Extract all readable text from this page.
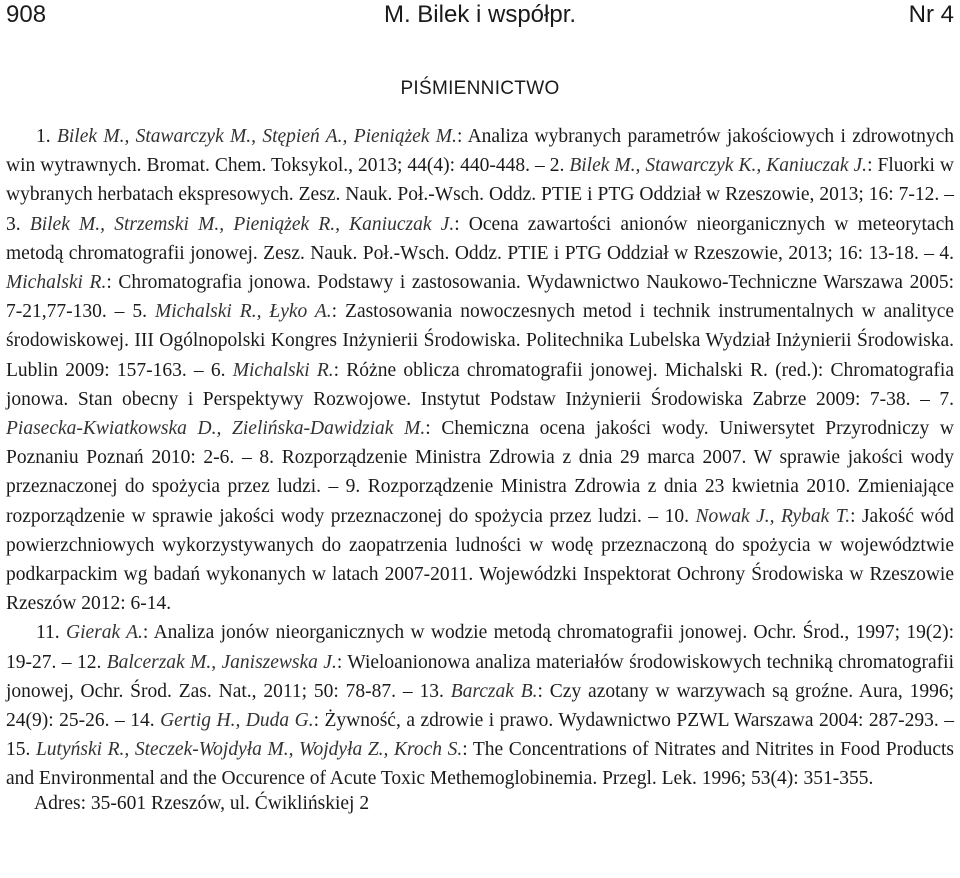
908	M. Bilek i współpr.	Nr 4
PIŚMIENNICTWO

1. Bilek M., Stawarczyk M., Stępień A., Pieniążek M.: Analiza wybranych parametrów jakościowych i zdrowotnych win wytrawnych. Bromat. Chem. Toksykol., 2013; 44(4): 440-448. – 2. Bilek M., Stawarczyk K., Kaniuczak J.: Fluorki w wybranych herbatach ekspresowych. Zesz. Nauk. Poł.-Wsch. Oddz. PTIE i PTG Oddział w Rzeszowie, 2013; 16: 7-12. – 3. Bilek M., Strzemski M., Pieniążek R., Kaniuczak J.: Ocena zawartości anionów nieorganicznych w meteorytach metodą chromatografii jonowej. Zesz. Nauk. Poł.-Wsch. Oddz. PTIE i PTG Oddział w Rzeszowie, 2013; 16: 13-18. – 4. Michalski R.: Chromatografia jonowa. Podstawy i zastosowania. Wydawnictwo Naukowo-Techniczne Warszawa 2005: 7-21,77-130. – 5. Michalski R., Łyko A.: Zastosowania nowoczesnych metod i technik instrumentalnych w analityce środowiskowej. III Ogólnopolski Kongres Inżynierii Środowiska. Politechnika Lubelska Wydział Inżynierii Środowiska. Lublin 2009: 157-163. – 6. Michalski R.: Różne oblicza chromatografii jonowej. Michalski R. (red.): Chromatografia jonowa. Stan obecny i Perspektywy Rozwojowe. Instytut Podstaw Inżynierii Środowiska Zabrze 2009: 7-38. – 7. Piasecka-Kwiatkowska D., Zielińska-Dawidziak M.: Chemiczna ocena jakości wody. Uniwersytet Przyrodniczy w Poznaniu Poznań 2010: 2-6. – 8. Rozporządzenie Ministra Zdrowia z dnia 29 marca 2007. W sprawie jakości wody przeznaczonej do spożycia przez ludzi. – 9. Rozporządzenie Ministra Zdrowia z dnia 23 kwietnia 2010. Zmieniające rozporządzenie w sprawie jakości wody przeznaczonej do spożycia przez ludzi. – 10. Nowak J., Rybak T.: Jakość wód powierzchniowych wykorzystywanych do zaopatrzenia ludności w wodę przeznaczoną do spożycia w województwie podkarpackim wg badań wykonanych w latach 2007-2011. Wojewódzki Inspektorat Ochrony Środowiska w Rzeszowie Rzeszów 2012: 6-14.

11. Gierak A.: Analiza jonów nieorganicznych w wodzie metodą chromatografii jonowej. Ochr. Środ., 1997; 19(2): 19-27. – 12. Balcerzak M., Janiszewska J.: Wieloanionowa analiza materiałów środowiskowych techniką chromatografii jonowej, Ochr. Środ. Zas. Nat., 2011; 50: 78-87. – 13. Barczak B.: Czy azotany w warzywach są groźne. Aura, 1996; 24(9): 25-26. – 14. Gertig H., Duda G.: Żywność, a zdrowie i prawo. Wydawnictwo PZWL Warszawa 2004: 287-293. – 15. Lutyński R., Steczek-Wojdyła M., Wojdyła Z., Kroch S.: The Concentrations of Nitrates and Nitrites in Food Products and Environmental and the Occurence of Acute Toxic Methemoglobinemia. Przegl. Lek. 1996; 53(4): 351-355.

Adres: 35-601 Rzeszów, ul. Ćwiklińskiej 2
